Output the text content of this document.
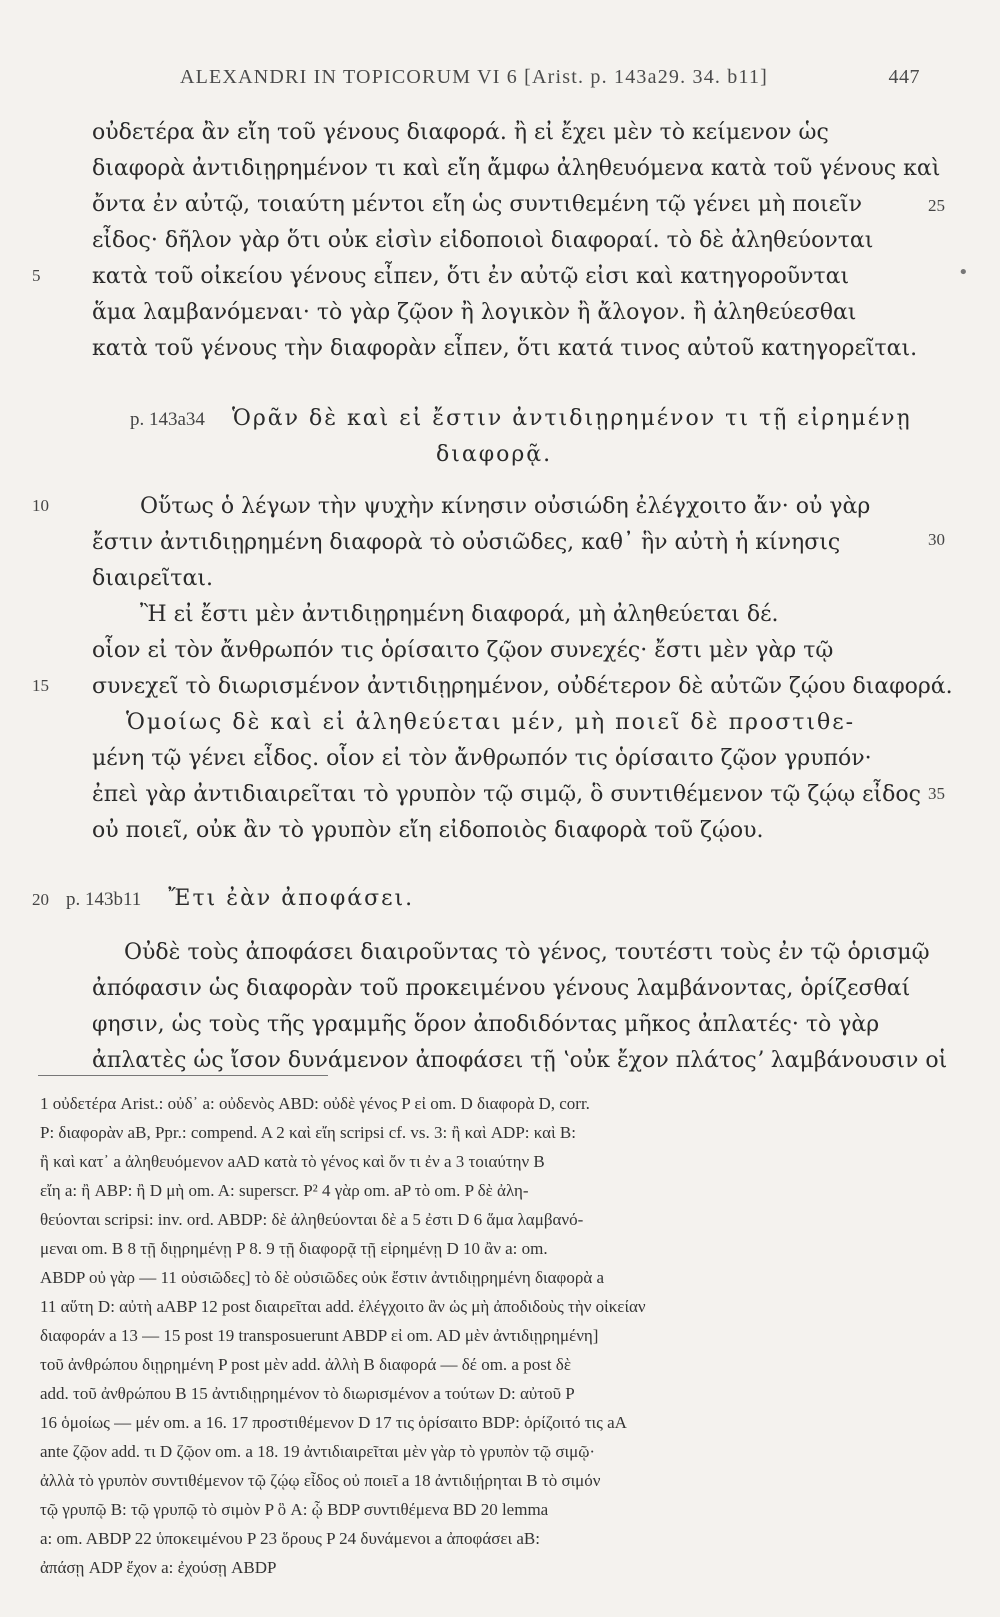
ALEXANDRI IN TOPICORUM VI 6 [Arist. p. 143a29. 34. b11]	447
οὐδετέρα ἂν εἴη τοῦ γένους διαφορά. ἢ εἰ ἔχει μὲν τὸ κείμενον ὡς
διαφορὰ ἀντιδιῃρημένον τι καὶ εἴη ἄμφω ἀληθευόμενα κατὰ τοῦ γένους καὶ
ὄντα ἐν αὐτῷ, τοιαύτη μέντοι εἴη ὡς συντιθεμένη τῷ γένει μὴ ποιεῖν	25
εἶδος· δῆλον γὰρ ὅτι οὐκ εἰσὶν εἰδοποιοὶ διαφοραί. τὸ δὲ ἀληθεύονται
5 κατὰ τοῦ οἰκείου γένους εἶπεν, ὅτι ἐν αὐτῷ εἰσι καὶ κατηγοροῦνται	•
ἅμα λαμβανόμεναι· τὸ γὰρ ζῷον ἢ λογικὸν ἢ ἄλογον. ἢ ἀληθεύεσθαι
κατὰ τοῦ γένους τὴν διαφορὰν εἶπεν, ὅτι κατά τινος αὐτοῦ κατηγορεῖται.
p. 143a34 Ὁρᾶν δὲ καὶ εἰ ἔστιν ἀντιδιῃρημένον τι τῇ εἰρημένῃ
διαφορᾷ.
10	Οὕτως ὁ λέγων τὴν ψυχὴν κίνησιν οὐσιώδη ἐλέγχοιτο ἄν· οὐ γὰρ
ἔστιν ἀντιδιῃρημένη διαφορὰ τὸ οὐσιῶδες, καθ᾽ ἣν αὐτὴ ἡ κίνησις	30
διαιρεῖται.
Ἢ εἰ ἔστι μὲν ἀντιδιῃρημένη διαφορά, μὴ ἀληθεύεται δέ.
οἷον εἰ τὸν ἄνθρωπόν τις ὁρίσαιτο ζῷον συνεχές· ἔστι μὲν γὰρ τῷ
15 συνεχεῖ τὸ διωρισμένον ἀντιδιῃρημένον, οὐδέτερον δὲ αὐτῶν ζῴου διαφορά.
Ὁμοίως δὲ καὶ εἰ ἀληθεύεται μέν, μὴ ποιεῖ δὲ προστιθε-
μένη τῷ γένει εἶδος. οἷον εἰ τὸν ἄνθρωπόν τις ὁρίσαιτο ζῷον γρυπόν·
ἐπεὶ γὰρ ἀντιδιαιρεῖται τὸ γρυπὸν τῷ σιμῷ, ὃ συντιθέμενον τῷ ζῴῳ εἶδος 35
οὐ ποιεῖ, οὐκ ἂν τὸ γρυπὸν εἴη εἰδοποιὸς διαφορὰ τοῦ ζῴου.
20 p. 143b11 Ἔτι ἐὰν ἀποφάσει.
Οὐδὲ τοὺς ἀποφάσει διαιροῦντας τὸ γένος, τουτέστι τοὺς ἐν τῷ ὁρισμῷ
ἀπόφασιν ὡς διαφορὰν τοῦ προκειμένου γένους λαμβάνοντας, ὁρίζεσθαί
φησιν, ὡς τοὺς τῆς γραμμῆς ὅρον ἀποδιδόντας μῆκος ἀπλατές· τὸ γὰρ
ἀπλατὲς ὡς ἴσον δυνάμενον ἀποφάσει τῇ ʽοὐκ ἔχον πλάτοςʼ λαμβάνουσιν οἱ
1 οὐδετέρα Arist.: οὐδ᾽ a: οὐδενὸς ABD: οὐδὲ γένος P εἰ om. D διαφορὰ D, corr.
P: διαφορὰν aB, Ppr.: compend. A 2 καὶ εἴη scripsi cf. vs. 3: ἢ καὶ ADP: καὶ B:
ἢ καὶ κατ᾽ a ἀληθευόμενον aAD κατὰ τὸ γένος καὶ ὄν τι ἐν a 3 τοιαύτην B
εἴη a: ἢ ABP: ἢ D μὴ om. A: superscr. P² 4 γὰρ om. aP τὸ om. P δὲ ἀλη-
θεύονται scripsi: inv. ord. ABDP: δὲ ἀληθεύονται δὲ a 5 ἐστι D 6 ἅμα λαμβανό-
μεναι om. B 8 τῇ διῃρημένῃ P 8. 9 τῇ διαφορᾷ τῇ εἰρημένῃ D 10 ἂν a: om.
ABDP οὐ γὰρ — 11 οὐσιῶδες] τὸ δὲ οὐσιῶδες οὐκ ἔστιν ἀντιδιῃρημένη διαφορὰ a
11 αὕτη D: αὐτὴ aABP 12 post διαιρεῖται add. ἐλέγχοιτο ἂν ὡς μὴ ἀποδιδοὺς τὴν οἰκείαν
διαφοράν a 13 — 15 post 19 transposuerunt ABDP εἰ om. AD μὲν ἀντιδιῃρημένη]
τοῦ ἀνθρώπου διῃρημένη P post μὲν add. ἀλλὴ B διαφορά — δέ om. a post δὲ
add. τοῦ ἀνθρώπου B 15 ἀντιδιῃρημένον τὸ διωρισμένον a τούτων D: αὐτοῦ P
16 ὁμοίως — μέν om. a 16. 17 προστιθέμενον D 17 τις ὁρίσαιτο BDP: ὁρίζοιτό τις aA
ante ζῷον add. τι D ζῷον om. a 18. 19 ἀντιδιαιρεῖται μὲν γὰρ τὸ γρυπὸν τῷ σιμῷ·
ἀλλὰ τὸ γρυπὸν συντιθέμενον τῷ ζῴῳ εἶδος οὐ ποιεῖ a 18 ἀντιδιῄρηται B τὸ σιμόν
τῷ γρυπῷ B: τῷ γρυπῷ τὸ σιμὸν P ὃ A: ᾧ BDP συντιθέμενα BD 20 lemma
a: om. ABDP 22 ὑποκειμένου P 23 ὅρους P 24 δυνάμενοι a ἀποφάσει aB:
ἀπάσῃ ADP ἔχον a: ἐχούσῃ ABDP
